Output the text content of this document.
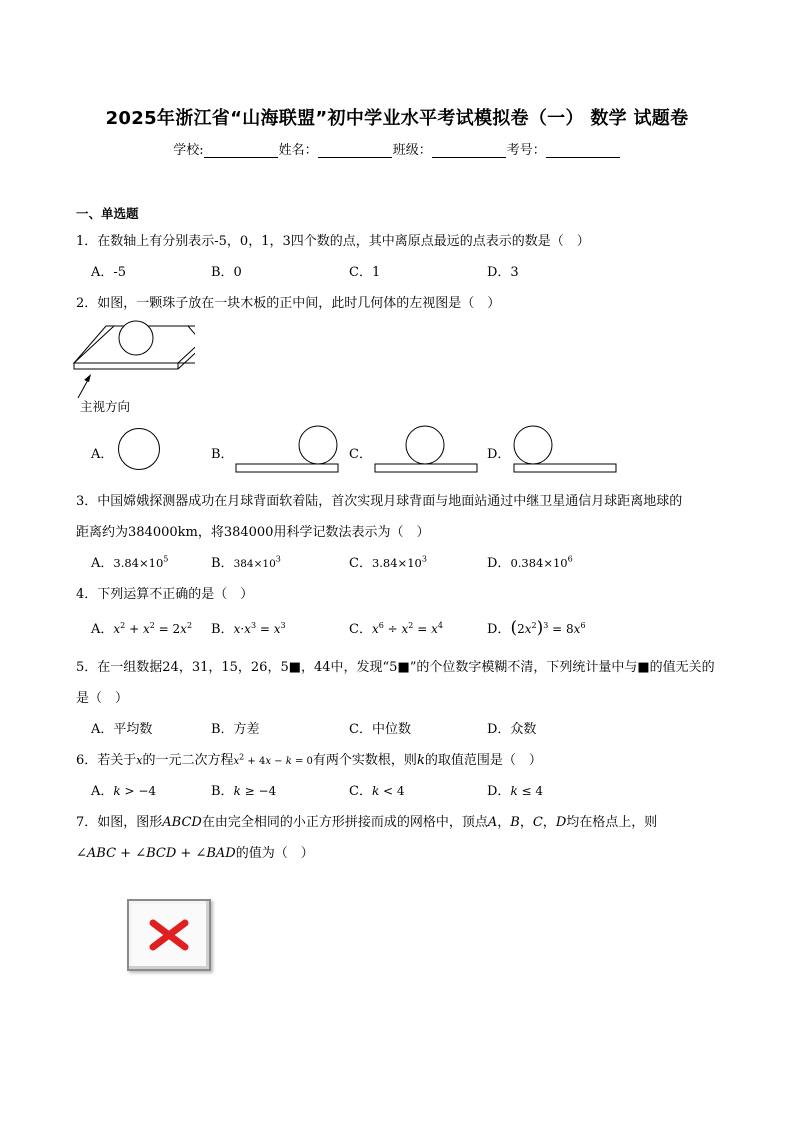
2025年浙江省“山海联盟”初中学业水平考试模拟卷（一） 数学 试题卷
学校:	姓名：	班级：	考号：
一、单选题
1．在数轴上有分别表示-5，0，1，3四个数的点，其中离原点最远的点表示的数是（　）
A．-5	B．0	C．1	D．3
2．如图，一颗珠子放在一块木板的正中间，此时几何体的左视图是（　）
主视方向
A．	B．	C．	D．
3．中国嫦娥探测器成功在月球背面软着陆，首次实现月球背面与地面站通过中继卫星通信月球距离地球的
距离约为384000km，将384000用科学记数法表示为（　）
A．$3.84\times 10^5$	B．$384\times 10^3$	C．$3.84\times 10^3$	D．$0.384\times 10^6$
4．下列运算不正确的是（　）
A．$x^2 + x^2 = 2x^2$ B．$x\cdot x^3 = x^3$	C．$x^6 \div x^2 = x^4$	D．$(2x^2)^3 = 8x^6$
5．在一组数据24，31，15，26，5■，44中，发现“5■”的个位数字模糊不清，下列统计量中与■的值无关的
是（　）
A．平均数	B．方差	C．中位数	D．众数
6．若关于x的一元二次方程$x^2 + 4x - k = 0$有两个实数根，则k的取值范围是（　）
A．k > −4	B．k ≥ −4	C．k < 4	D．k ≤ 4
7．如图，图形ABCD在由完全相同的小正方形拼接而成的网格中，顶点A，B，C，D均在格点上，则
∠ABC + ∠BCD + ∠BAD的值为（　）
